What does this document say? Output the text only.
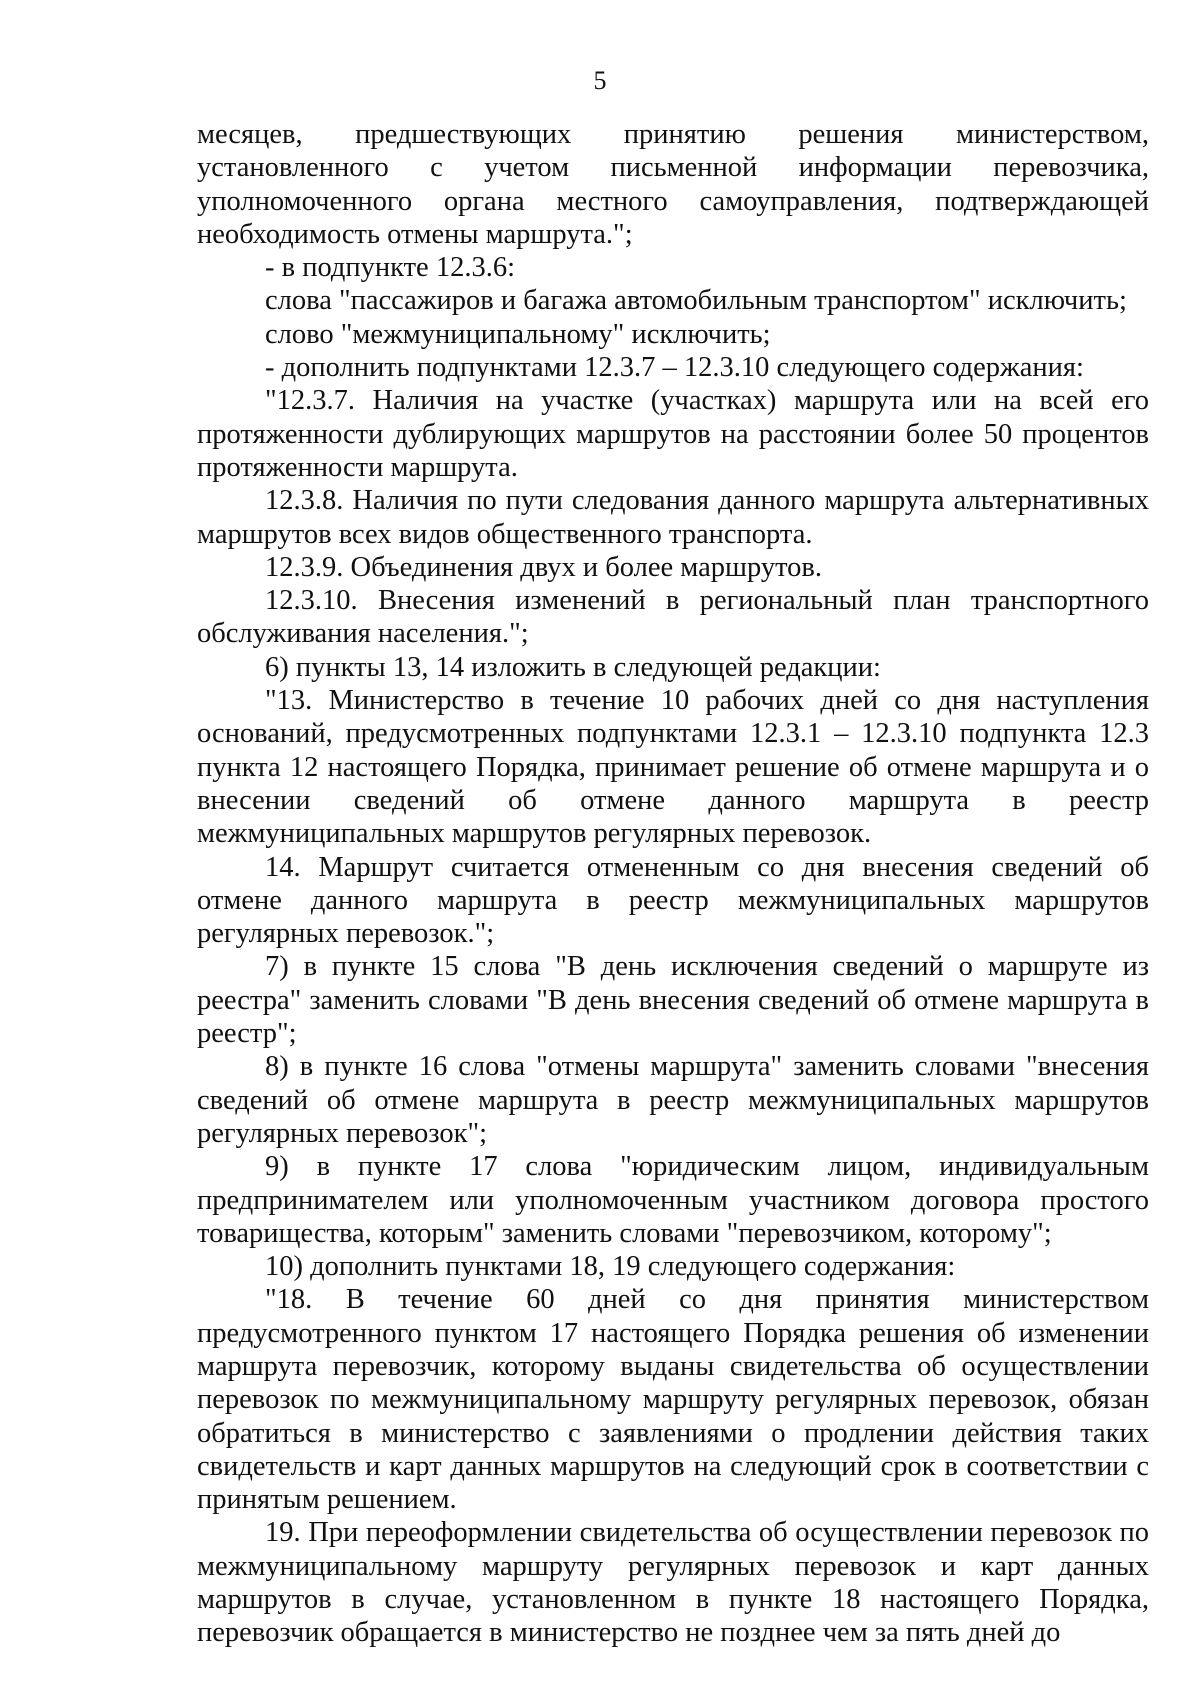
5

месяцев, предшествующих принятию решения министерством, установленного с учетом письменной информации перевозчика, уполномоченного органа местного самоуправления, подтверждающей необходимость отмены маршрута.";

- в подпункте 12.3.6:

слова "пассажиров и багажа автомобильным транспортом" исключить;

слово "межмуниципальному" исключить;

- дополнить подпунктами 12.3.7 – 12.3.10 следующего содержания:

"12.3.7. Наличия на участке (участках) маршрута или на всей его протяженности дублирующих маршрутов на расстоянии более 50 процентов протяженности маршрута.

12.3.8. Наличия по пути следования данного маршрута альтернативных маршрутов всех видов общественного транспорта.

12.3.9. Объединения двух и более маршрутов.

12.3.10. Внесения изменений в региональный план транспортного обслуживания населения.";

6) пункты 13, 14 изложить в следующей редакции:

"13. Министерство в течение 10 рабочих дней со дня наступления оснований, предусмотренных подпунктами 12.3.1 – 12.3.10 подпункта 12.3 пункта 12 настоящего Порядка, принимает решение об отмене маршрута и о внесении сведений об отмене данного маршрута в реестр межмуниципальных маршрутов регулярных перевозок.

14. Маршрут считается отмененным со дня внесения сведений об отмене данного маршрута в реестр межмуниципальных маршрутов регулярных перевозок.";

7) в пункте 15 слова "В день исключения сведений о маршруте из реестра" заменить словами "В день внесения сведений об отмене маршрута в реестр";

8) в пункте 16 слова "отмены маршрута" заменить словами "внесения сведений об отмене маршрута в реестр межмуниципальных маршрутов регулярных перевозок";

9) в пункте 17 слова "юридическим лицом, индивидуальным предпринимателем или уполномоченным участником договора простого товарищества, которым" заменить словами "перевозчиком, которому";

10) дополнить пунктами 18, 19 следующего содержания:

"18. В течение 60 дней со дня принятия министерством предусмотренного пунктом 17 настоящего Порядка решения об изменении маршрута перевозчик, которому выданы свидетельства об осуществлении перевозок по межмуниципальному маршруту регулярных перевозок, обязан обратиться в министерство с заявлениями о продлении действия таких свидетельств и карт данных маршрутов на следующий срок в соответствии с принятым решением.

19. При переоформлении свидетельства об осуществлении перевозок по межмуниципальному маршруту регулярных перевозок и карт данных маршрутов в случае, установленном в пункте 18 настоящего Порядка, перевозчик обращается в министерство не позднее чем за пять дней до
